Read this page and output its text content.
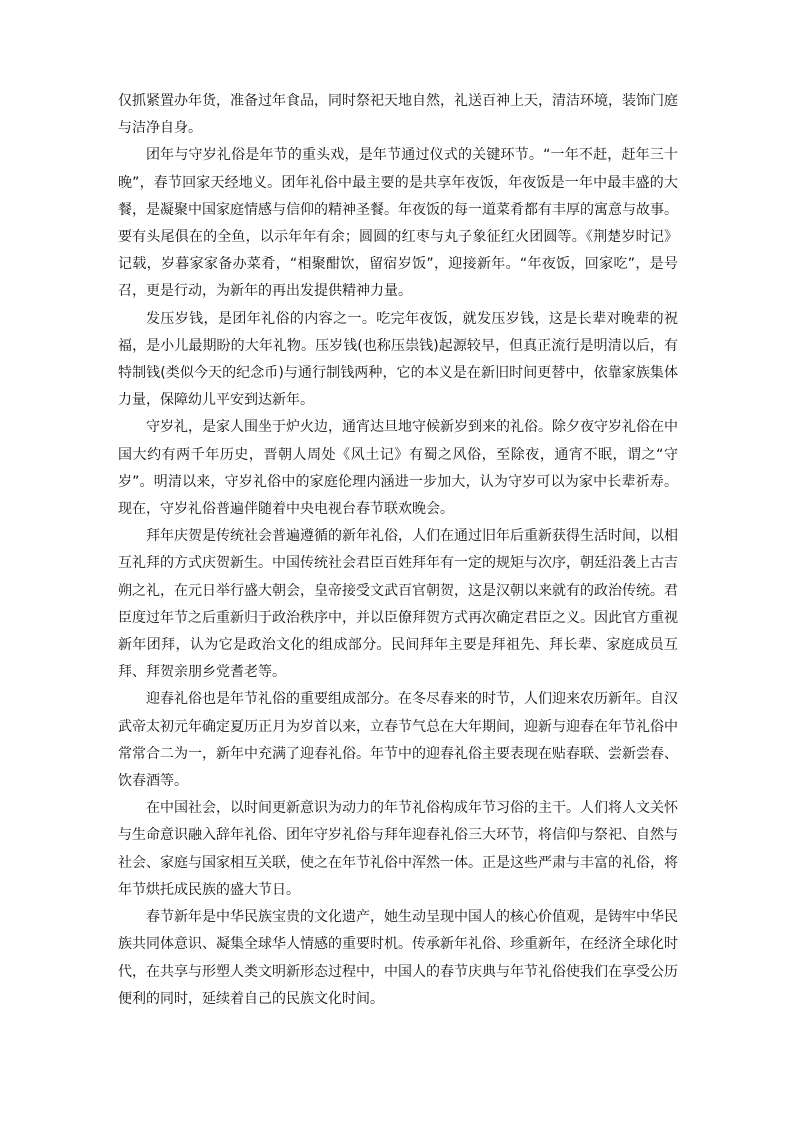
仅抓紧置办年货，准备过年食品，同时祭祀天地自然，礼送百神上天，清洁环境，装饰门庭与洁净自身。

团年与守岁礼俗是年节的重头戏，是年节通过仪式的关键环节。“一年不赶，赶年三十晚”，春节回家天经地义。团年礼俗中最主要的是共享年夜饭，年夜饭是一年中最丰盛的大餐，是凝聚中国家庭情感与信仰的精神圣餐。年夜饭的每一道菜肴都有丰厚的寓意与故事。要有头尾俱在的全鱼，以示年年有余；圆圆的红枣与丸子象征红火团圆等。《荆楚岁时记》记载，岁暮家家备办菜肴，“相聚酣饮，留宿岁饭”，迎接新年。“年夜饭，回家吃”，是号召，更是行动，为新年的再出发提供精神力量。

发压岁钱，是团年礼俗的内容之一。吃完年夜饭，就发压岁钱，这是长辈对晚辈的祝福，是小儿最期盼的大年礼物。压岁钱(也称压祟钱)起源较早，但真正流行是明清以后，有特制钱(类似今天的纪念币)与通行制钱两种，它的本义是在新旧时间更替中，依靠家族集体力量，保障幼儿平安到达新年。

守岁礼，是家人围坐于炉火边，通宵达旦地守候新岁到来的礼俗。除夕夜守岁礼俗在中国大约有两千年历史，晋朝人周处《风土记》有蜀之风俗，至除夜，通宵不眠，谓之“守岁”。明清以来，守岁礼俗中的家庭伦理内涵进一步加大，认为守岁可以为家中长辈祈寿。现在，守岁礼俗普遍伴随着中央电视台春节联欢晚会。

拜年庆贺是传统社会普遍遵循的新年礼俗，人们在通过旧年后重新获得生活时间，以相互礼拜的方式庆贺新生。中国传统社会君臣百姓拜年有一定的规矩与次序，朝廷沿袭上古吉朔之礼，在元日举行盛大朝会，皇帝接受文武百官朝贺，这是汉朝以来就有的政治传统。君臣度过年节之后重新归于政治秩序中，并以臣僚拜贺方式再次确定君臣之义。因此官方重视新年团拜，认为它是政治文化的组成部分。民间拜年主要是拜祖先、拜长辈、家庭成员互拜、拜贺亲朋乡党耆老等。

迎春礼俗也是年节礼俗的重要组成部分。在冬尽春来的时节，人们迎来农历新年。自汉武帝太初元年确定夏历正月为岁首以来，立春节气总在大年期间，迎新与迎春在年节礼俗中常常合二为一，新年中充满了迎春礼俗。年节中的迎春礼俗主要表现在贴春联、尝新尝春、饮春酒等。

在中国社会，以时间更新意识为动力的年节礼俗构成年节习俗的主干。人们将人文关怀与生命意识融入辞年礼俗、团年守岁礼俗与拜年迎春礼俗三大环节，将信仰与祭祀、自然与社会、家庭与国家相互关联，使之在年节礼俗中浑然一体。正是这些严肃与丰富的礼俗，将年节烘托成民族的盛大节日。

春节新年是中华民族宝贵的文化遗产，她生动呈现中国人的核心价值观，是铸牢中华民族共同体意识、凝集全球华人情感的重要时机。传承新年礼俗、珍重新年，在经济全球化时代，在共享与形塑人类文明新形态过程中，中国人的春节庆典与年节礼俗使我们在享受公历便利的同时，延续着自己的民族文化时间。
